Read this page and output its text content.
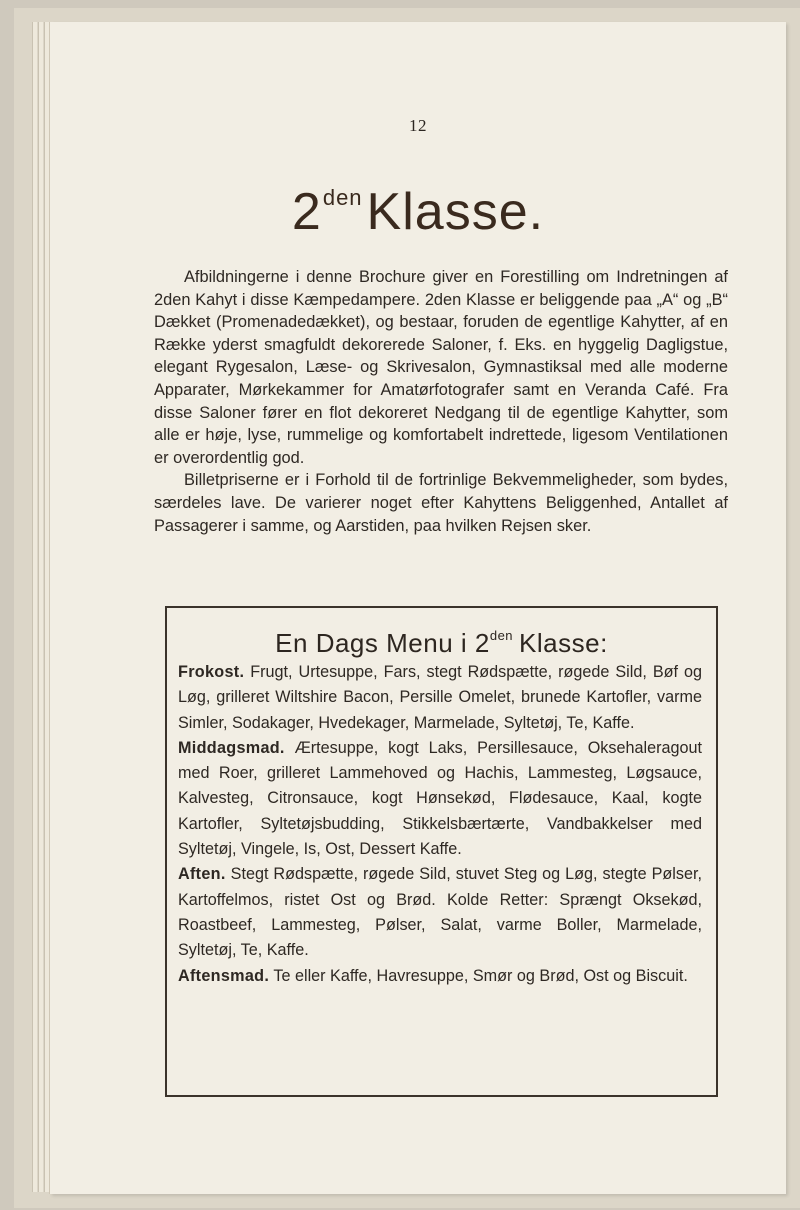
12
$2^{den}Klasse$.

Afbildningerne i denne Brochure giver en Forestilling om Indretningen af 2den Kahyt i disse Kæmpedampere. 2den Klasse er beliggende paa „A“ og „B“ Dækket (Promenadedækket), og bestaar, foruden de egentlige Kahytter, af en Række yderst smagfuldt dekorerede Saloner, f. Eks. en hyggelig Dagligstue, elegant Rygesalon, Læse- og Skrivesalon, Gymnastiksal med alle moderne Apparater, Mørkekammer for Amatørfotografer samt en Veranda Café. Fra disse Saloner fører en flot dekoreret Nedgang til de egentlige Kahytter, som alle er høje, lyse, rummelige og komfortabelt indrettede, ligesom Ventilationen er overordentlig god.

Billetpriserne er i Forhold til de fortrinlige Bekvemmeligheder, som bydes, særdeles lave. De varierer noget efter Kahyttens Beliggenhed, Antallet af Passagerer i samme, og Aarstiden, paa hvilken Rejsen sker.

En Dags Menu i $2^{den}$ Klasse:

Frokost. Frugt, Urtesuppe, Fars, stegt Rødspætte, røgede Sild, Bøf og Løg, grilleret Wiltshire Bacon, Persille Omelet, brunede Kartofler, varme Simler, Sodakager, Hvedekager, Marmelade, Syltetøj, Te, Kaffe.

Middagsmad. Ærtesuppe, kogt Laks, Persillesauce, Oksehaleragout med Roer, grilleret Lammehoved og Hachis, Lammesteg, Løgsauce, Kalvesteg, Citronsauce, kogt Hønsekød, Flødesauce, Kaal, kogte Kartofler, Syltetøjsbudding, Stikkelsbærtærte, Vandbakkelser med Syltetøj, Vingele, Is, Ost, Dessert Kaffe.

Aften. Stegt Rødspætte, røgede Sild, stuvet Steg og Løg, stegte Pølser, Kartoffelmos, ristet Ost og Brød. Kolde Retter: Sprængt Oksekød, Roastbeef, Lammesteg, Pølser, Salat, varme Boller, Marmelade, Syltetøj, Te, Kaffe.

Aftensmad. Te eller Kaffe, Havresuppe, Smør og Brød, Ost og Biscuit.
